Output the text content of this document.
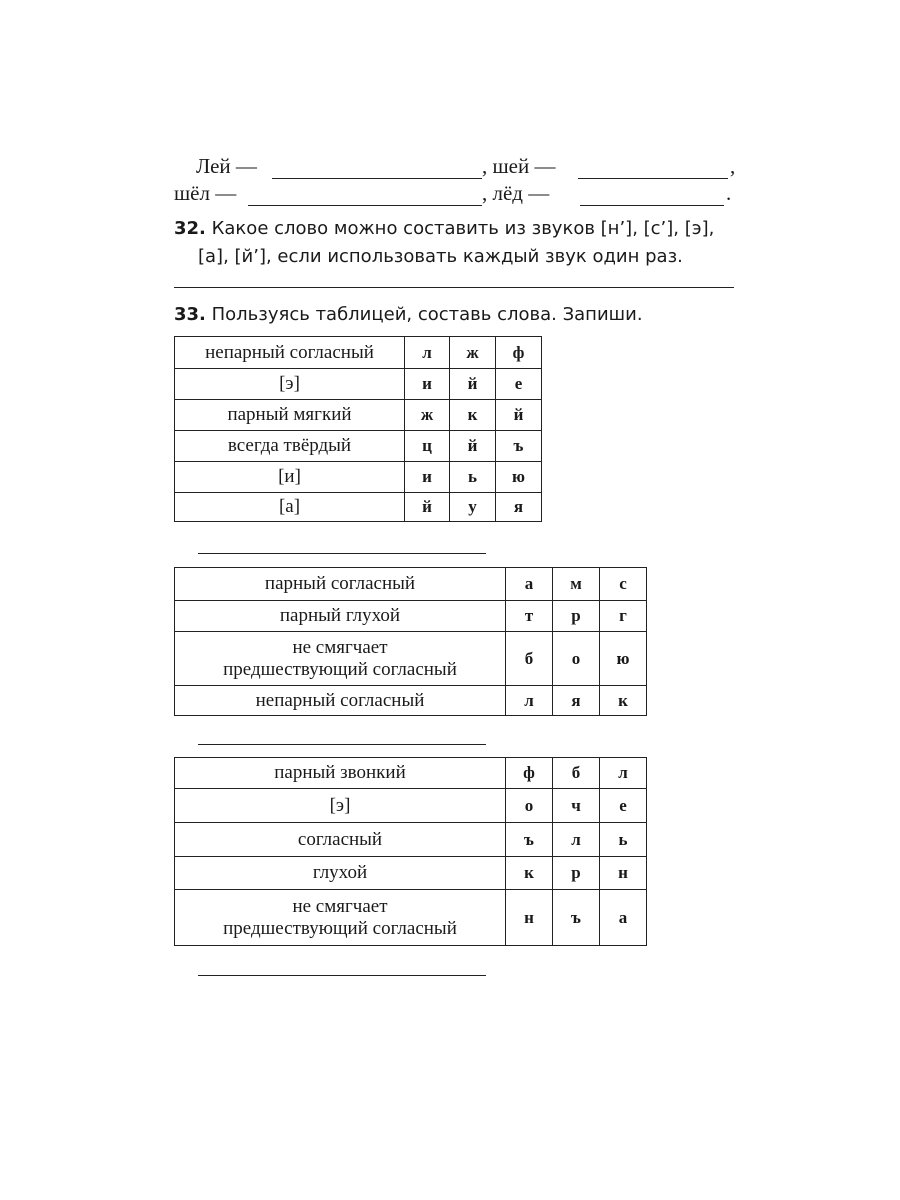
Лей —	, шей —	,
шёл —	, лёд —	.
32. Какое слово можно составить из звуков [н’], [с’], [э],
[а], [й’], если использовать каждый звук один раз.
33. Пользуясь таблицей, составь слова. Запиши.
непарный согласный	л	ж	ф
[э]	и	й	е
парный мягкий	ж	к	й
всегда твёрдый	ц	й	ъ
[и]	и	ь	ю
[а]	й	у	я
парный согласный	а	м	с
парный глухой	т	р	г

не смягчает
предшествующий согласный	б	о	ю
непарный согласный	л	я	к
парный звонкий	ф	б	л
[э]	о	ч	е
согласный	ъ	л	ь
глухой	к	р	н

не смягчает
предшествующий согласный	н	ъ	а
